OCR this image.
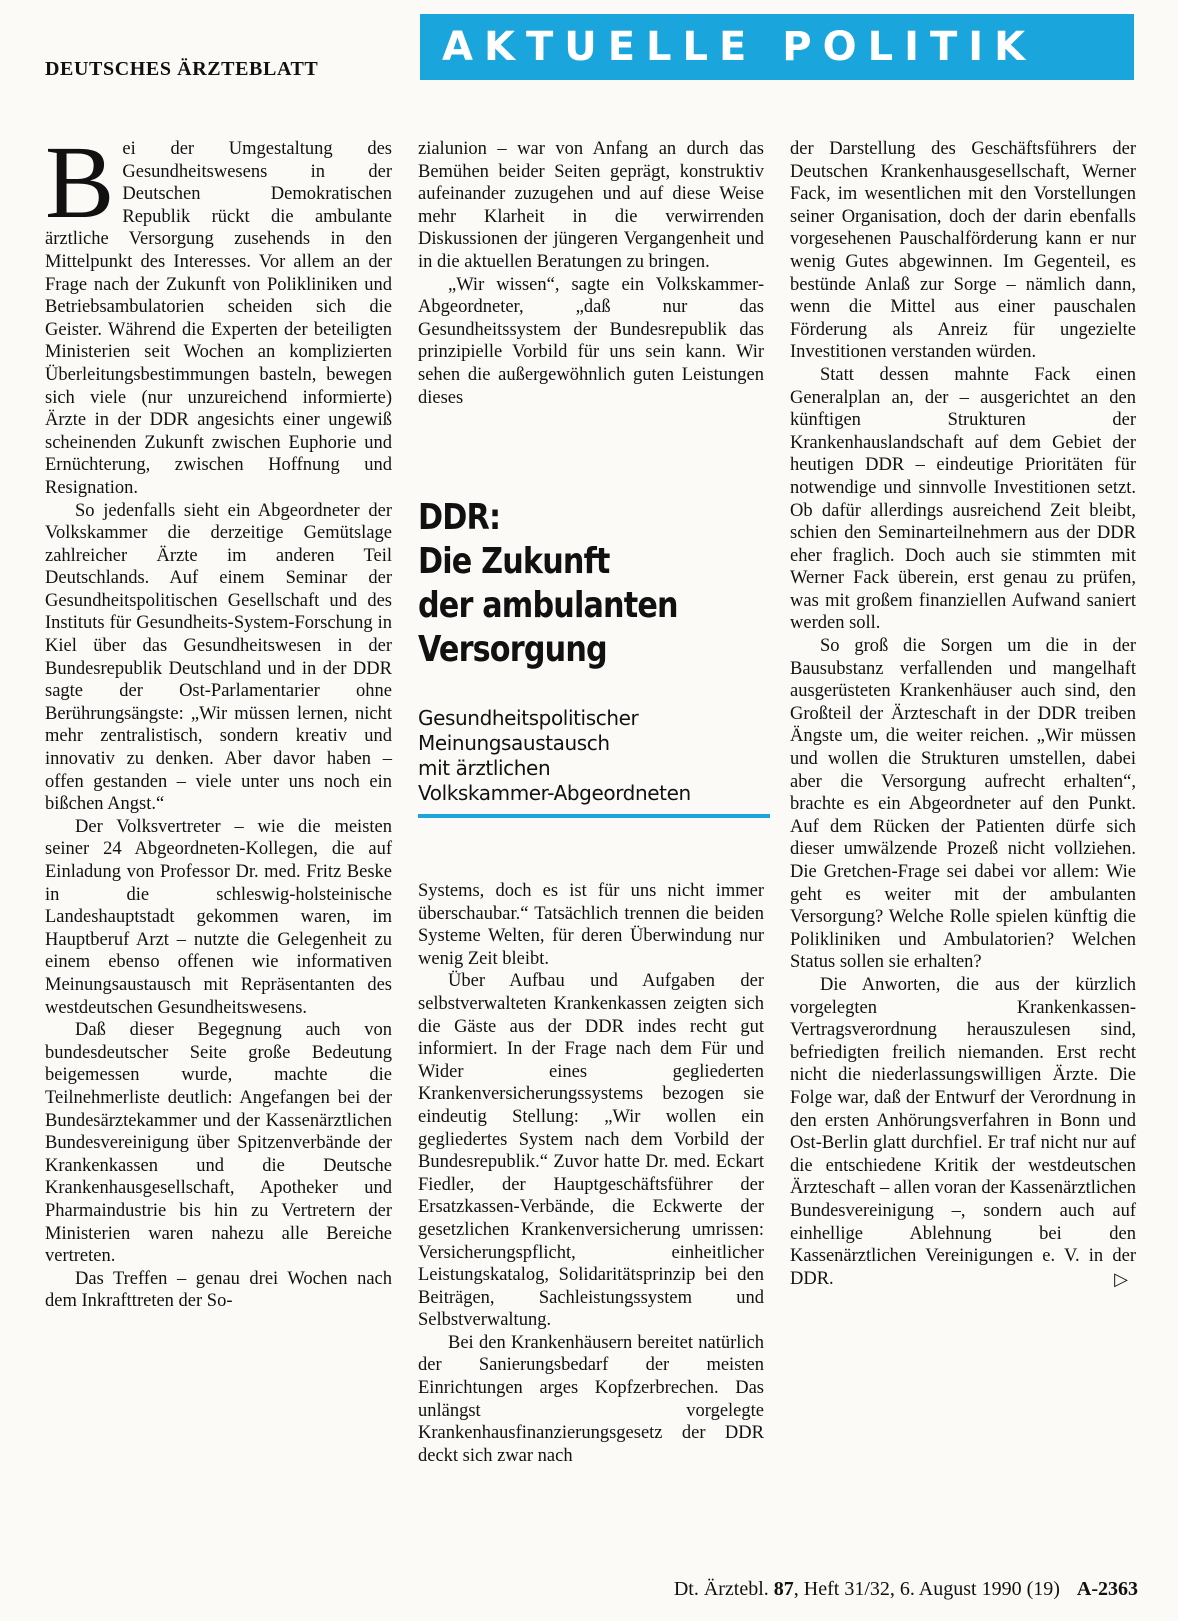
DEUTSCHES ÄRZTEBLATT	AKTUELLE POLITIK

Bei der Umgestaltung des Gesundheitswesens in der Deutschen Demokratischen Republik rückt die ambulante ärztliche Versorgung zusehends in den Mittelpunkt des Interesses. Vor allem an der Frage nach der Zukunft von Polikliniken und Betriebsambulatorien scheiden sich die Geister. Während die Experten der beteiligten Ministerien seit Wochen an komplizierten Überleitungsbestimmungen basteln, bewegen sich viele (nur unzureichend informierte) Ärzte in der DDR angesichts einer ungewiß scheinenden Zukunft zwischen Euphorie und Ernüchterung, zwischen Hoffnung und Resignation.

So jedenfalls sieht ein Abgeordneter der Volkskammer die derzeitige Gemütslage zahlreicher Ärzte im anderen Teil Deutschlands. Auf einem Seminar der Gesundheitspolitischen Gesellschaft und des Instituts für Gesundheits-System-Forschung in Kiel über das Gesundheitswesen in der Bundesrepublik Deutschland und in der DDR sagte der Ost-Parlamentarier ohne Berührungsängste: „Wir müssen lernen, nicht mehr zentralistisch, sondern kreativ und innovativ zu denken. Aber davor haben – offen gestanden – viele unter uns noch ein bißchen Angst.“

Der Volksvertreter – wie die meisten seiner 24 Abgeordneten-Kollegen, die auf Einladung von Professor Dr. med. Fritz Beske in die schleswig-holsteinische Landeshauptstadt gekommen waren, im Hauptberuf Arzt – nutzte die Gelegenheit zu einem ebenso offenen wie informativen Meinungsaustausch mit Repräsentanten des westdeutschen Gesundheitswesens.

Daß dieser Begegnung auch von bundesdeutscher Seite große Bedeutung beigemessen wurde, machte die Teilnehmerliste deutlich: Angefangen bei der Bundesärztekammer und der Kassenärztlichen Bundesvereinigung über Spitzenverbände der Krankenkassen und die Deutsche Krankenhausgesellschaft, Apotheker und Pharmaindustrie bis hin zu Vertretern der Ministerien waren nahezu alle Bereiche vertreten.

Das Treffen – genau drei Wochen nach dem Inkrafttreten der So-

zialunion – war von Anfang an durch das Bemühen beider Seiten geprägt, konstruktiv aufeinander zuzugehen und auf diese Weise mehr Klarheit in die verwirrenden Diskussionen der jüngeren Vergangenheit und in die aktuellen Beratungen zu bringen.

„Wir wissen“, sagte ein Volkskammer-Abgeordneter, „daß nur das Gesundheitssystem der Bundesrepublik das prinzipielle Vorbild für uns sein kann. Wir sehen die außergewöhnlich guten Leistungen dieses

DDR:
Die Zukunft
der ambulanten
Versorgung
Gesundheitspolitischer
Meinungsaustausch
mit ärztlichen
Volkskammer-Abgeordneten

Systems, doch es ist für uns nicht immer überschaubar.“ Tatsächlich trennen die beiden Systeme Welten, für deren Überwindung nur wenig Zeit bleibt.

Über Aufbau und Aufgaben der selbstverwalteten Krankenkassen zeigten sich die Gäste aus der DDR indes recht gut informiert. In der Frage nach dem Für und Wider eines gegliederten Krankenversicherungssystems bezogen sie eindeutig Stellung: „Wir wollen ein gegliedertes System nach dem Vorbild der Bundesrepublik.“ Zuvor hatte Dr. med. Eckart Fiedler, der Hauptgeschäftsführer der Ersatzkassen-Verbände, die Eckwerte der gesetzlichen Krankenversicherung umrissen: Versicherungspflicht, einheitlicher Leistungskatalog, Solidaritätsprinzip bei den Beiträgen, Sachleistungssystem und Selbstverwaltung.

Bei den Krankenhäusern bereitet natürlich der Sanierungsbedarf der meisten Einrichtungen arges Kopfzerbrechen. Das unlängst vorgelegte Krankenhausfinanzierungsgesetz der DDR deckt sich zwar nach

der Darstellung des Geschäftsführers der Deutschen Krankenhausgesellschaft, Werner Fack, im wesentlichen mit den Vorstellungen seiner Organisation, doch der darin ebenfalls vorgesehenen Pauschalförderung kann er nur wenig Gutes abgewinnen. Im Gegenteil, es bestünde Anlaß zur Sorge – nämlich dann, wenn die Mittel aus einer pauschalen Förderung als Anreiz für ungezielte Investitionen verstanden würden.

Statt dessen mahnte Fack einen Generalplan an, der – ausgerichtet an den künftigen Strukturen der Krankenhauslandschaft auf dem Gebiet der heutigen DDR – eindeutige Prioritäten für notwendige und sinnvolle Investitionen setzt. Ob dafür allerdings ausreichend Zeit bleibt, schien den Seminarteilnehmern aus der DDR eher fraglich. Doch auch sie stimmten mit Werner Fack überein, erst genau zu prüfen, was mit großem finanziellen Aufwand saniert werden soll.

So groß die Sorgen um die in der Bausubstanz verfallenden und mangelhaft ausgerüsteten Krankenhäuser auch sind, den Großteil der Ärzteschaft in der DDR treiben Ängste um, die weiter reichen. „Wir müssen und wollen die Strukturen umstellen, dabei aber die Versorgung aufrecht erhalten“, brachte es ein Abgeordneter auf den Punkt. Auf dem Rücken der Patienten dürfe sich dieser umwälzende Prozeß nicht vollziehen. Die Gretchen-Frage sei dabei vor allem: Wie geht es weiter mit der ambulanten Versorgung? Welche Rolle spielen künftig die Polikliniken und Ambulatorien? Welchen Status sollen sie erhalten?

Die Anworten, die aus der kürzlich vorgelegten Krankenkassen-Vertragsverordnung herauszulesen sind, befriedigten freilich niemanden. Erst recht nicht die niederlassungswilligen Ärzte. Die Folge war, daß der Entwurf der Verordnung in den ersten Anhörungsverfahren in Bonn und Ost-Berlin glatt durchfiel. Er traf nicht nur auf die entschiedene Kritik der westdeutschen Ärzteschaft – allen voran der Kassenärztlichen Bundesvereinigung –, sondern auch auf einhellige Ablehnung bei den Kassenärztlichen Vereinigungen e. V. in der DDR.	▷

Dt. Ärztebl. 87, Heft 31/32, 6. August 1990 (19) A-2363
